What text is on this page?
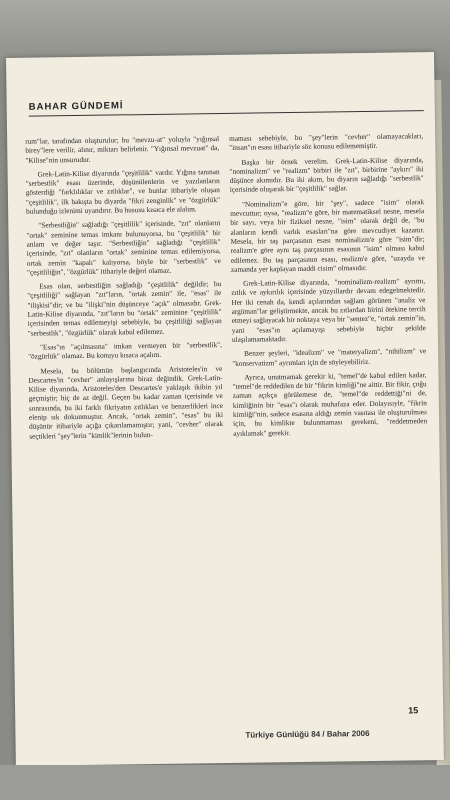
BAHAR GÜNDEMİ

rum"lar, tarafından oluşturulur; bu "mevzu-at" yoluyla "yığınsal birey"lere verilir, alınır, miktarı belirlenir. "Yığınsal mevzuat" da, "Kilise"nin unsurudur.

Grek-Latin-Kilise diyarında "çeşitlilik" vardır. Yığına tanınan "serbestlik" esası üzerinde, düşünülenlerin ve yazılanların gösterdiği "farklılıklar ve zıtlıklar", ve bunlar itibariyle oluşan "çeşitlilik", ilk bakışta bu diyarda "fikri zenginlik" ve "özgürlük" bulunduğu izlenimi uyandırır. Bu hususu kısaca ele alalım.

"Serbestliğin" sağladığı "çeşitlilik" içerisinde, "zıt" olanların "ortak" zeminine temas imkanı bulunuyorsa, bu "çeşitlilik" bir anlam ve değer taşır. "Serbestliğin" sağladığı "çeşitlilik" içerisinde, "zıt" olanların "ortak" zeminine temas edilemiyorsa, ortak zemin "kapalı" kalıyorsa, böyle bir "serbestlik" ve "çeşitliliğin", "özgürlük" itibariyle değeri olamaz.

Esas olan, serbestliğin sağladığı "çeşitlilik" değildir; bu "çeşitliliği" sağlayan "zıt"ların, "ortak zemin" ile, "esas" ile "ilişkisi"dir; ve bu "ilişki"nin düşünceye "açık" olmasıdır. Grek-Latin-Kilise diyarında, "zıt"ların bu "ortak" zeminine "çeşitlilik" içerisinden temas edilemeyişi sebebiyle, bu çeşitliliği sağlayan "serbestlik", "özgürlük" olarak kabul edilemez.

"Esas"ın "açılmasına" imkan vermeyen bir "serbestlik", "özgürlük" olamaz. Bu konuyu kısaca açalım.

Mesela, bu bölümün başlangıcında Aristoteles'in ve Descartes'in "cevher" anlayışlarına biraz değindik. Grek-Latin-Kilise diyarında, Aristoteles'den Descartes'e yaklaşık ikibin yıl geçmiştir; hiç de az değil. Geçen bu kadar zaman içerisinde ve sonrasında, bu iki farklı fikriyatın zıtlıkları ve benzerlikleri ince elenip sık dokunmuştur. Ancak, "ortak zemin", "esas" bu iki düşünür itibariyle açığa çıkarılamamıştır; yani, "cevher" olarak seçtikleri "şey"lerin "kimlik"lerinin bulun-

maması sebebiyle, bu "şey"lerin "cevher" olamayacakları, "insan"ın esası itibariyle söz konusu edilememiştir.

Başka bir örnek verelim. Grek-Latin-Kilise diyarında, "nominalizm" ve "realizm" birbiri ile "zıt", birbirine "aykırı" iki düşünce akımıdır. Bu iki akım, bu diyarın sağladığı "serbestlik" içerisinde oluşarak bir "çeşitlilik" sağlar.

"Nominalizm"e göre, bir "şey", sadece "isim" olarak mevcuttur; oysa, "realizm"e göre, bir matematiksel nesne, mesela bir sayı, veya bir fiziksel nesne, "isim" olarak değil de, "bu alanların kendi varlık esasları"na göre mevcudiyet kazanır. Mesela, bir taş parçasının esası nominalizm'e göre "isim"dir; realizm'e göre aynı taş parçasının esasının "isim" olması kabul edilemez. Bu taş parçasının esası, realizm'e göre, "uzayda ve zamanda yer kaplayan maddi cisim" olmasıdır.

Grek-Latin-Kilise diyarında, "nominalizm-realizm" ayrımı, zıtlık ve aykırılık içerisinde yüzyıllardır devam edegelmektedir. Her iki cenah da, kendi açılarından sağlam görünen "analiz ve argüman"lar geliştirmekte, ancak bu zıtlardan birini ötekine tercih etmeyi sağlayacak bir noktaya veya bir "sentez"e, "ortak zemin"in, yani "esas"ın açılamayışı sebebiyle hiçbir şekilde ulaşılamamaktadır.

Benzer şeyleri, "idealizm" ve "materyalizm", "nihilizm" ve "konservatizm" ayrımları için de söyleyebiliriz.

Ayrıca, unutmamak gerekir ki, "temel"de kabul edilen kadar, "temel"de reddedilen de bir "fikrin kimliği"ne aittir. Bir fikir, çoğu zaman açıkça görülemese de, "temel"de reddettiği"ni de, kimliğinin bir "esas"ı olarak muhafaza eder. Dolayısıyle, "fikrin kimliği"nin, sadece esasına aldığı zemin vasıtası ile oluşturulması için, bu kimlikte bulunmaması gerekeni, "reddetmeden ayıklamak" gerekir.

15
Türkiye Günlüğü 84 / Bahar 2006
